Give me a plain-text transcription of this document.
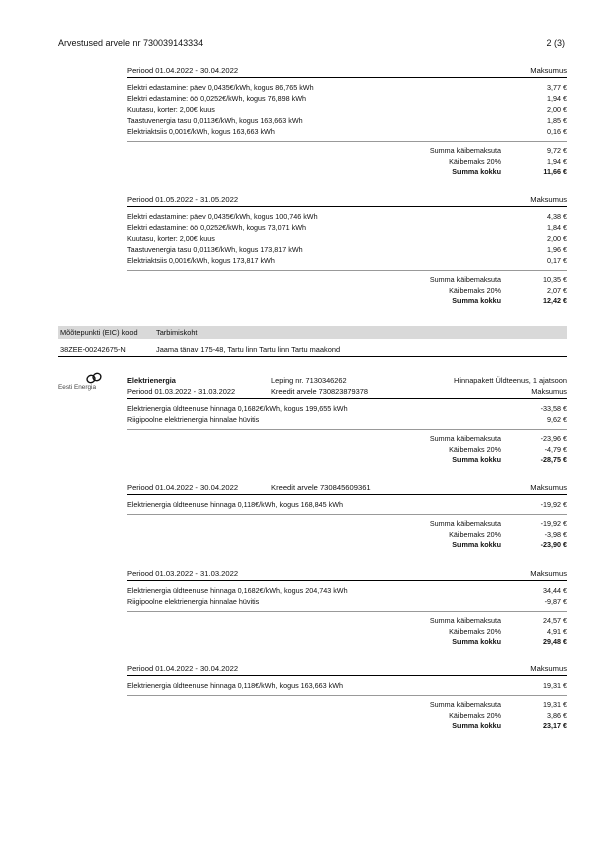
Arvestused arvele nr 730039143334	2 (3)
Periood 01.04.2022 - 30.04.2022	Maksumus
Elektri edastamine: päev 0,0435€/kWh, kogus 86,765 kWh	3,77 €
Elektri edastamine: öö 0,0252€/kWh, kogus 76,898 kWh	1,94 €
Kuutasu, korter: 2,00€ kuus	2,00 €
Taastuvenergia tasu 0,0113€/kWh, kogus 163,663 kWh	1,85 €
Elektriaktsiis 0,001€/kWh, kogus 163,663 kWh	0,16 €
Summa käibemaksuta	9,72 €
Käibemaks 20%	1,94 €
Summa kokku	11,66 €
Periood 01.05.2022 - 31.05.2022	Maksumus
Elektri edastamine: päev 0,0435€/kWh, kogus 100,746 kWh	4,38 €
Elektri edastamine: öö 0,0252€/kWh, kogus 73,071 kWh	1,84 €
Kuutasu, korter: 2,00€ kuus	2,00 €
Taastuvenergia tasu 0,0113€/kWh, kogus 173,817 kWh	1,96 €
Elektriaktsiis 0,001€/kWh, kogus 173,817 kWh	0,17 €
Summa käibemaksuta	10,35 €
Käibemaks 20%	2,07 €
Summa kokku	12,42 €
Mõõtepunkti (EIC) kood Tarbimiskoht
38ZEE-00242675-N	Jaama tänav 175-48, Tartu linn Tartu linn Tartu maakond
Eesti Energia
Elektrienergia	Leping nr. 7130346262	Hinnapakett Üldteenus, 1 ajatsoon
Periood 01.03.2022 - 31.03.2022	Kreedit arvele 730823879378	Maksumus
Elektrienergia üldteenuse hinnaga 0,1682€/kWh, kogus 199,655 kWh	-33,58 €
Riigipoolne elektrienergia hinnalae hüvitis	9,62 €
Summa käibemaksuta	-23,96 €
Käibemaks 20%	-4,79 €
Summa kokku	-28,75 €
Periood 01.04.2022 - 30.04.2022	Kreedit arvele 730845609361	Maksumus
Elektrienergia üldteenuse hinnaga 0,118€/kWh, kogus 168,845 kWh	-19,92 €
Summa käibemaksuta	-19,92 €
Käibemaks 20%	-3,98 €
Summa kokku	-23,90 €
Periood 01.03.2022 - 31.03.2022	Maksumus
Elektrienergia üldteenuse hinnaga 0,1682€/kWh, kogus 204,743 kWh	34,44 €
Riigipoolne elektrienergia hinnalae hüvitis	-9,87 €
Summa käibemaksuta	24,57 €
Käibemaks 20%	4,91 €
Summa kokku	29,48 €
Periood 01.04.2022 - 30.04.2022	Maksumus
Elektrienergia üldteenuse hinnaga 0,118€/kWh, kogus 163,663 kWh	19,31 €
Summa käibemaksuta	19,31 €
Käibemaks 20%	3,86 €
Summa kokku	23,17 €
